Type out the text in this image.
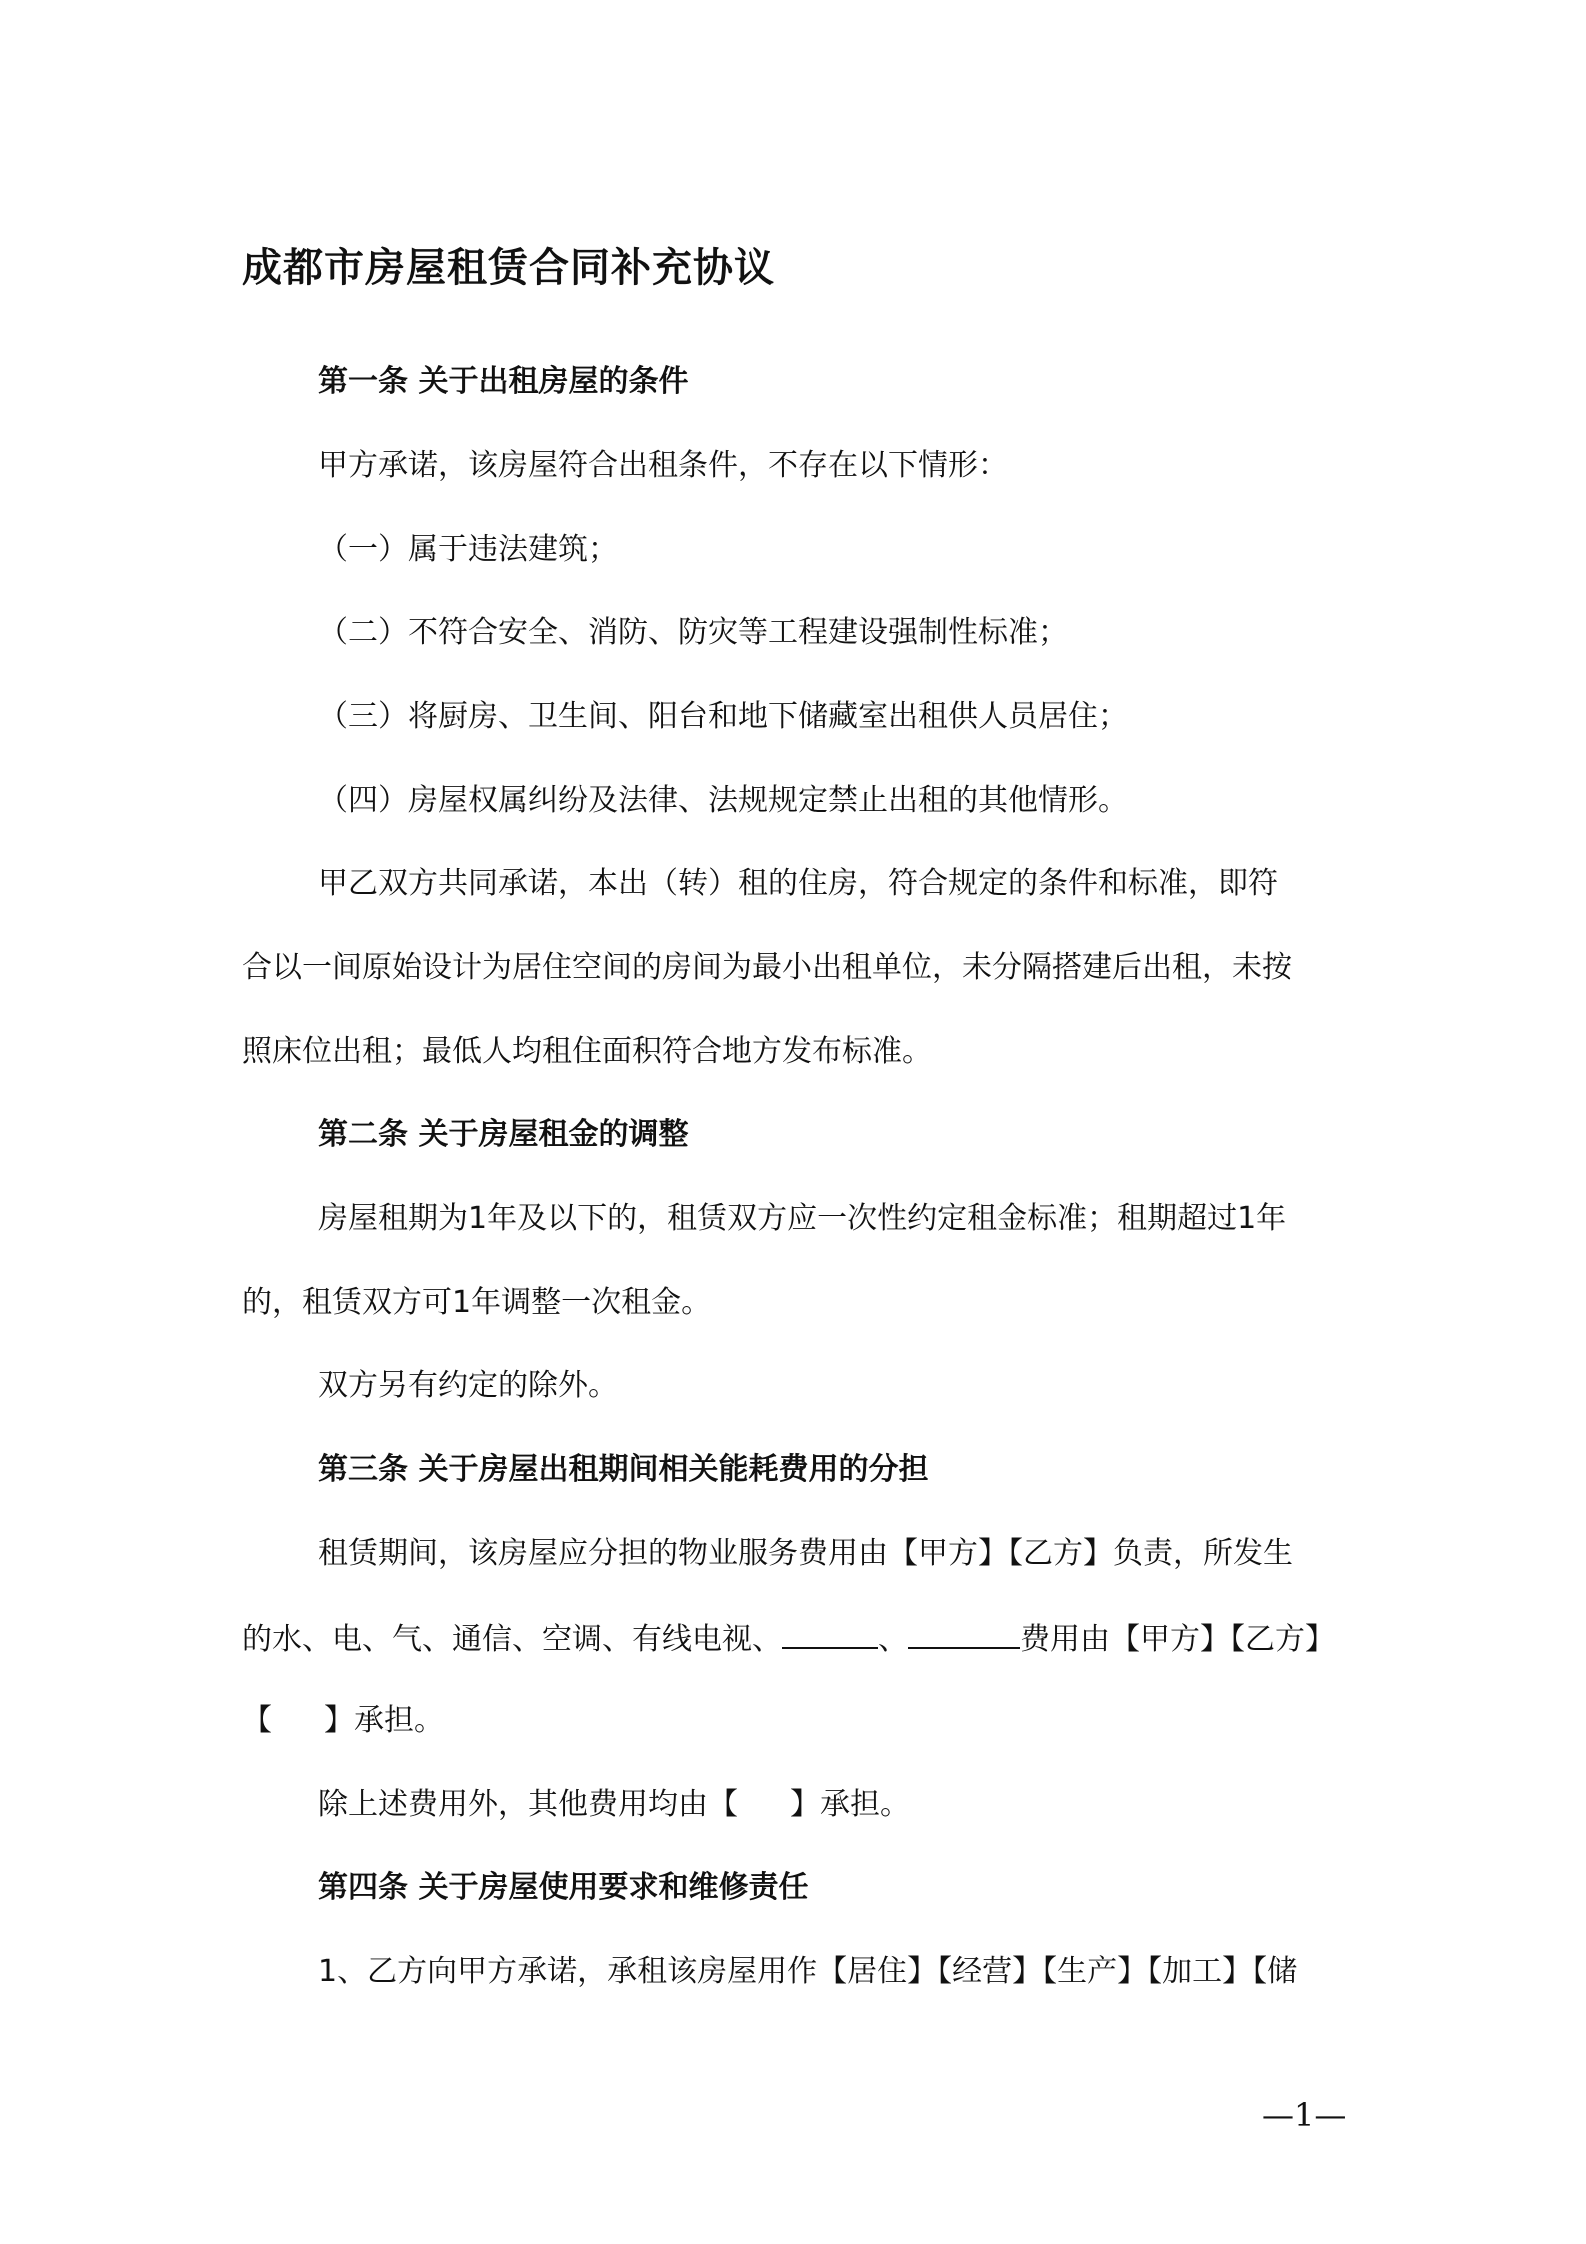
成都市房屋租赁合同补充协议
第一条 关于出租房屋的条件
甲方承诺，该房屋符合出租条件，不存在以下情形：
（一）属于违法建筑；
（二）不符合安全、消防、防灾等工程建设强制性标准；
（三）将厨房、卫生间、阳台和地下储藏室出租供人员居住；
（四）房屋权属纠纷及法律、法规规定禁止出租的其他情形。
甲乙双方共同承诺，本出（转）租的住房，符合规定的条件和标准，即符
合以一间原始设计为居住空间的房间为最小出租单位，未分隔搭建后出租，未按
照床位出租；最低人均租住面积符合地方发布标准。
第二条 关于房屋租金的调整
房屋租期为1年及以下的，租赁双方应一次性约定租金标准；租期超过1年
的，租赁双方可1年调整一次租金。
双方另有约定的除外。
第三条 关于房屋出租期间相关能耗费用的分担
租赁期间，该房屋应分担的物业服务费用由【甲方】【乙方】负责，所发生
的水、电、气、通信、空调、有线电视、	、	费用由【甲方】【乙方】
【 】承担。
除上述费用外，其他费用均由【 】承担。
第四条 关于房屋使用要求和维修责任
1、乙方向甲方承诺，承租该房屋用作【居住】【经营】【生产】【加工】【储
—1—
